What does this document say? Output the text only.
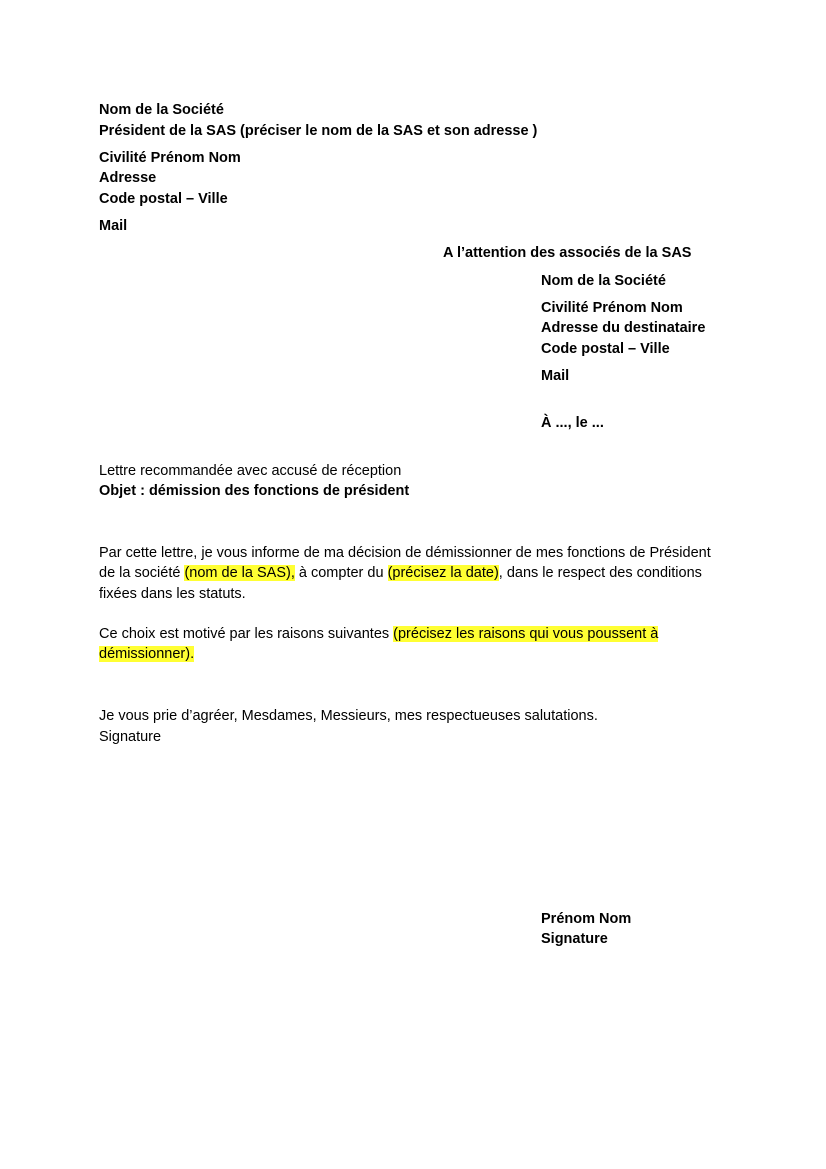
Nom de la Société
Président de la SAS (préciser le nom de la SAS et son adresse )
Civilité Prénom Nom
Adresse
Code postal – Ville
Mail
A l’attention des associés de la SAS
Nom de la Société
Civilité Prénom Nom
Adresse du destinataire
Code postal – Ville
Mail
À ..., le ...
Lettre recommandée avec accusé de réception
Objet : démission des fonctions de président
Par cette lettre, je vous informe de ma décision de démissionner de mes fonctions de Président de la société (nom de la SAS), à compter du (précisez la date), dans le respect des conditions fixées dans les statuts.
Ce choix est motivé par les raisons suivantes (précisez les raisons qui vous poussent à démissionner).
Je vous prie d’agréer, Mesdames, Messieurs, mes respectueuses salutations.
Signature
Prénom Nom
Signature
